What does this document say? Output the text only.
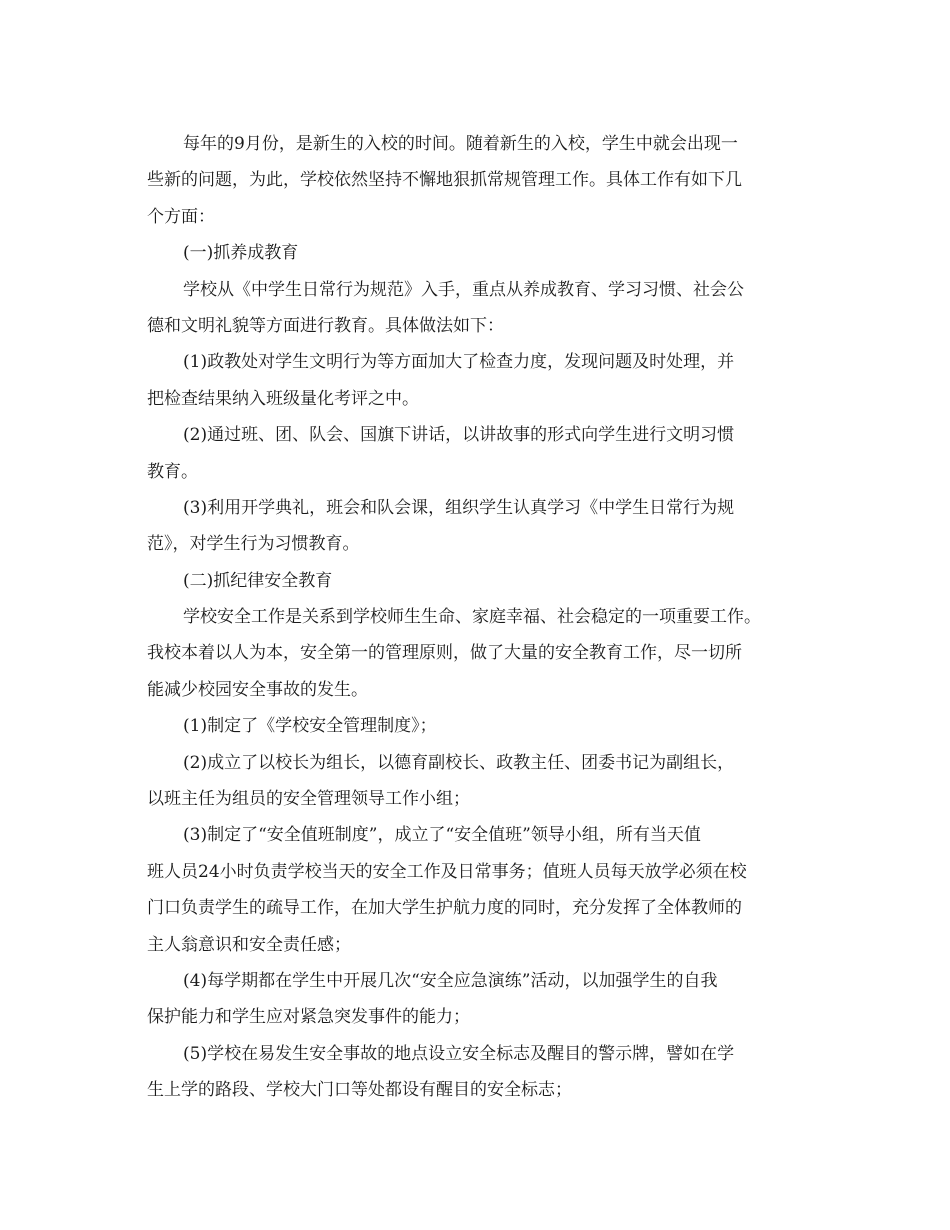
每年的9月份，是新生的入校的时间。随着新生的入校，学生中就会出现一
些新的问题，为此，学校依然坚持不懈地狠抓常规管理工作。具体工作有如下几
个方面：
(一)抓养成教育
学校从《中学生日常行为规范》入手，重点从养成教育、学习习惯、社会公
德和文明礼貌等方面进行教育。具体做法如下：
(1)政教处对学生文明行为等方面加大了检查力度，发现问题及时处理，并
把检查结果纳入班级量化考评之中。
(2)通过班、团、队会、国旗下讲话，以讲故事的形式向学生进行文明习惯
教育。
(3)利用开学典礼，班会和队会课，组织学生认真学习《中学生日常行为规
范》，对学生行为习惯教育。
(二)抓纪律安全教育
学校安全工作是关系到学校师生生命、家庭幸福、社会稳定的一项重要工作。
我校本着以人为本，安全第一的管理原则，做了大量的安全教育工作，尽一切所
能减少校园安全事故的发生。
(1)制定了《学校安全管理制度》；
(2)成立了以校长为组长，以德育副校长、政教主任、团委书记为副组长，
以班主任为组员的安全管理领导工作小组；
(3)制定了“安全值班制度”，成立了“安全值班”领导小组，所有当天值
班人员24小时负责学校当天的安全工作及日常事务；值班人员每天放学必须在校
门口负责学生的疏导工作，在加大学生护航力度的同时，充分发挥了全体教师的
主人翁意识和安全责任感；
(4)每学期都在学生中开展几次“安全应急演练”活动，以加强学生的自我
保护能力和学生应对紧急突发事件的能力；
(5)学校在易发生安全事故的地点设立安全标志及醒目的警示牌，譬如在学
生上学的路段、学校大门口等处都设有醒目的安全标志；
